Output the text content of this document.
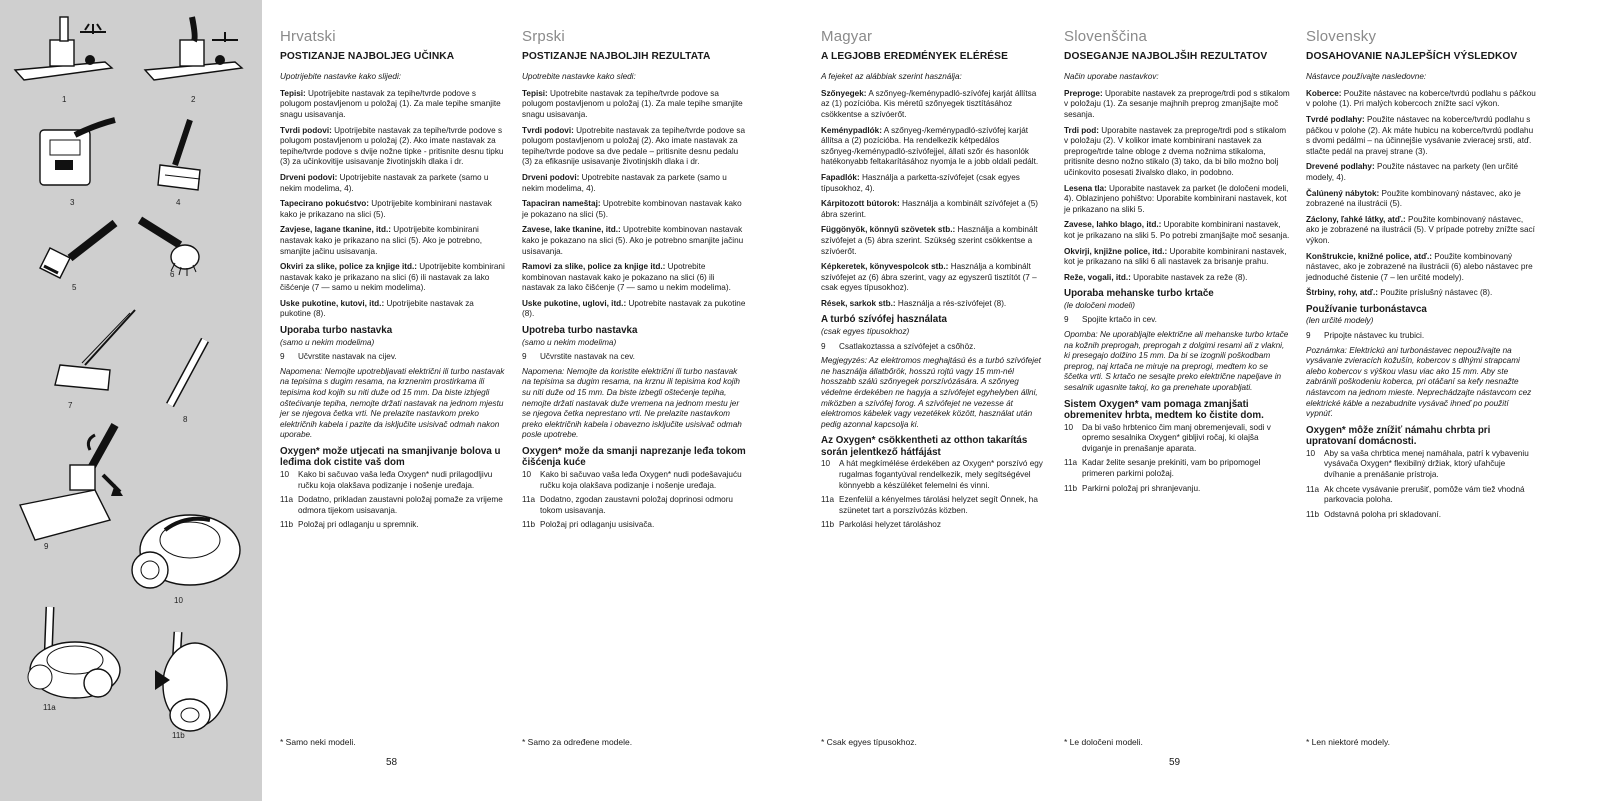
1	2
3	4
5
6
7
8
9
10
11a
11b
Hrvatski
POSTIZANJE NAJBOLJEG UČINKA
Upotrijebite nastavke kako slijedi:
Tepisi: Upotrijebite nastavak za tepihe/tvrde podove s polugom postavljenom u položaj (1). Za male tepihe smanjite snagu usisavanja.
Tvrdi podovi: Upotrijebite nastavak za tepihe/tvrde podove s polugom postavljenom u položaj (2). Ako imate nastavak za tepihe/tvrde podove s dvije nožne tipke - pritisnite desnu tipku (3) za učinkovitije usisavanje životinjskih dlaka i dr.
Drveni podovi: Upotrijebite nastavak za parkete (samo u nekim modelima, 4).
Tapecirano pokućstvo: Upotrijebite kombinirani nastavak kako je prikazano na slici (5).
Zavjese, lagane tkanine, itd.: Upotrijebite kombinirani nastavak kako je prikazano na slici (5). Ako je potrebno, smanjite jačinu usisavanja.
Okviri za slike, police za knjige itd.: Upotrijebite kombinirani nastavak kako je prikazano na slici (6) ili nastavak za lako čišćenje (7 — samo u nekim modelima).
Uske pukotine, kutovi, itd.: Upotrijebite nastavak za pukotine (8).
Uporaba turbo nastavka
(samo u nekim modelima)
9 Učvrstite nastavak na cijev.
Napomena: Nemojte upotrebljavati električni ili turbo nastavak na tepisima s dugim resama, na krznenim prostirkama ili tepisima kod kojih su niti duže od 15 mm. Da biste izbjegli oštećivanje tepiha, nemojte držati nastavak na jednom mjestu jer se njegova četka vrti. Ne prelazite nastavkom preko električnih kabela i pazite da isključite usisivač odmah nakon uporabe.
Oxygen* može utjecati na smanjivanje bolova u leđima dok cistite vaš dom
10 Kako bi sačuvao vaša leđa Oxygen* nudi prilagodljivu ručku koja olakšava podizanje i nošenje uređaja.
11a Dodatno, prikladan zaustavni položaj pomaže za vrijeme odmora tijekom usisavanja.
11b Položaj pri odlaganju u spremnik.
Srpski
POSTIZANJE NAJBOLJIH REZULTATA
Upotrebite nastavke kako sledi:
Tepisi: Upotrebite nastavak za tepihe/tvrde podove sa polugom postavljenom u položaj (1). Za male tepihe smanjite snagu usisavanja.
Tvrdi podovi: Upotrebite nastavak za tepihe/tvrde podove sa polugom postavljenom u položaj (2). Ako imate nastavak za tepihe/tvrde podove sa dve pedale – pritisnite desnu pedalu (3) za efikasnije usisavanje životinjskih dlaka i dr.
Drveni podovi: Upotrebite nastavak za parkete (samo u nekim modelima, 4).
Tapaciran nameštaj: Upotrebite kombinovan nastavak kako je pokazano na slici (5).
Zavese, lake tkanine, itd.: Upotrebite kombinovan nastavak kako je pokazano na slici (5). Ako je potrebno smanjite jačinu usisavanja.
Ramovi za slike, police za knjige itd.: Upotrebite kombinovan nastavak kako je pokazano na slici (6) ili nastavak za lako čišćenje (7 — samo u nekim modelima).
Uske pukotine, uglovi, itd.: Upotrebite nastavak za pukotine (8).
Upotreba turbo nastavka
(samo u nekim modelima)
9 Učvrstite nastavak na cev.
Napomena: Nemojte da koristite električni ili turbo nastavak na tepisima sa dugim resama, na krznu ili tepisima kod kojih su niti duže od 15 mm. Da biste izbegli oštećenje tepiha, nemojte držati nastavak duže vremena na jednom mestu jer se njegova četka neprestano vrti. Ne prelazite nastavkom preko električnih kabela i obavezno isključite usisivač odmah posle upotrebe.
Oxygen* može da smanji naprezanje leđa tokom čišćenja kuće
10 Kako bi sačuvao vaša leđa Oxygen* nudi podešavajuću ručku koja olakšava podizanje i nošenje uređaja.
11a Dodatno, zgodan zaustavni položaj doprinosi odmoru tokom usisavanja.
11b Položaj pri odlaganju usisivača.
Magyar
A LEGJOBB EREDMÉNYEK ELÉRÉSE
A fejeket az alábbiak szerint használja:
Szőnyegek: A szőnyeg-/keménypadló-szívófej karját állítsa az (1) pozícióba. Kis méretű szőnyegek tisztításához csökkentse a szívóerőt.
Keménypadlók: A szőnyeg-/keménypadló-szívófej karját állítsa a (2) pozícióba. Ha rendelkezik kétpedálos szőnyeg-/keménypadló-szívófejjel, állati szőr és hasonlók hatékonyabb feltakarításához nyomja le a jobb oldali pedált.
Fapadlók: Használja a parketta-szívófejet (csak egyes típusokhoz, 4).
Kárpitozott bútorok: Használja a kombinált szívófejet a (5) ábra szerint.
Függönyök, könnyű szövetek stb.: Használja a kombinált szívófejet a (5) ábra szerint. Szükség szerint csökkentse a szívóerőt.
Képkeretek, könyvespolcok stb.: Használja a kombinált szívófejet az (6) ábra szerint, vagy az egyszerű tisztítót (7 – csak egyes típusokhoz).
Rések, sarkok stb.: Használja a rés-szívófejet (8).
A turbó szívófej használata
(csak egyes típusokhoz)
9 Csatlakoztassa a szívófejet a csőhöz.
Megjegyzés: Az elektromos meghajtású és a turbó szívófejet ne használja állatbőrök, hosszú rojtú vagy 15 mm-nél hosszabb szálú szőnyegek porszívózására. A szőnyeg védelme érdekében ne hagyja a szívófejet egyhelyben állni, miközben a szívófej forog. A szívófejet ne vezesse át elektromos kábelek vagy vezetékek között, használat után pedig azonnal kapcsolja ki.
Az Oxygen* csökkentheti az otthon takarítás során jelentkező hátfájást
10 A hát megkímélése érdekében az Oxygen* porszívó egy rugalmas fogantyúval rendelkezik, mely segítségével könnyebb a készüléket felemelni és vinni.
11a Ezenfelül a kényelmes tárolási helyzet segít Önnek, ha szünetet tart a porszívózás közben.
11b Parkolási helyzet tároláshoz
Slovenščina
DOSEGANJE NAJBOLJŠIH REZULTATOV
Način uporabe nastavkov:
Preproge: Uporabite nastavek za preproge/trdi pod s stikalom v položaju (1). Za sesanje majhnih preprog zmanjšajte moč sesanja.
Trdi pod: Uporabite nastavek za preproge/trdi pod s stikalom v položaju (2). V kolikor imate kombinirani nastavek za preproge/trde talne obloge z dvema nožnima stikaloma, pritisnite desno nožno stikalo (3) tako, da bi bilo možno bolj učinkovito posesati živalsko dlako, in podobno.
Lesena tla: Uporabite nastavek za parket (le določeni modeli, 4). Oblazinjeno pohištvo: Uporabite kombinirani nastavek, kot je prikazano na sliki 5.
Zavese, lahko blago, itd.: Uporabite kombinirani nastavek, kot je prikazano na sliki 5. Po potrebi zmanjšajte moč sesanja.
Okvirji, knjižne police, itd.: Uporabite kombinirani nastavek, kot je prikazano na sliki 6 ali nastavek za brisanje prahu.
Reže, vogali, itd.: Uporabite nastavek za reže (8).
Uporaba mehanske turbo krtače
(le določeni modeli)
9 Spojite krtačo in cev.
Opomba: Ne uporabljajte električne ali mehanske turbo krtače na kožnih preprogah, preprogah z dolgimi resami ali z vlakni, ki presegajo dolžino 15 mm. Da bi se izognili poškodbam preprog, naj krtača ne miruje na preprogi, medtem ko se ščetka vrti. S krtačo ne sesajte preko električne napeljave in sesalnik ugasnite takoj, ko ga prenehate uporabljati.
Sistem Oxygen* vam pomaga zmanjšati obremenitev hrbta, medtem ko čistite dom.
10 Da bi vašo hrbtenico čim manj obremenjevali, sodi v opremo sesalnika Oxygen* gibljivi ročaj, ki olajša dviganje in prenašanje aparata.
11a Kadar želite sesanje prekiniti, vam bo pripomogel primeren parkirni položaj.
11b Parkirni položaj pri shranjevanju.
Slovensky
DOSAHOVANIE NAJLEPŠÍCH VÝSLEDKOV
Nástavce používajte nasledovne:
Koberce: Použite nástavec na koberce/tvrdú podlahu s páčkou v polohe (1). Pri malých kobercoch znížte sací výkon.
Tvrdé podlahy: Použite nástavec na koberce/tvrdú podlahu s páčkou v polohe (2). Ak máte hubicu na koberce/tvrdú podlahu s dvomi pedálmi – na účinnejšie vysávanie zvieracej srsti, atď. stlačte pedál na pravej strane (3).
Drevené podlahy: Použite nástavec na parkety (len určité modely, 4).
Čalúnený nábytok: Použite kombinovaný nástavec, ako je zobrazené na ilustrácii (5).
Záclony, ľahké látky, atď.: Použite kombinovaný nástavec, ako je zobrazené na ilustrácii (5). V prípade potreby znížte sací výkon.
Konštrukcie, knižné police, atď.: Použite kombinovaný nástavec, ako je zobrazené na ilustrácii (6) alebo nástavec pre jednoduché čistenie (7 – len určité modely).
Štrbiny, rohy, atď.: Použite príslušný nástavec (8).
Používanie turbonástavca
(len určité modely)
9 Pripojte nástavec ku trubici.
Poznámka: Elektrickú ani turbonástavec nepoužívajte na vysávanie zvieracích kožušín, kobercov s dlhými strapcami alebo kobercov s výškou vlasu viac ako 15 mm. Aby ste zabránili poškodeniu koberca, pri otáčaní sa kefy nesnažte nástavcom na jednom mieste. Neprechádzajte nástavcom cez elektrické káble a nezabudnite vysávač ihneď po použití vypnúť.
Oxygen* môže znížiť námahu chrbta pri upratovaní domácnosti.
10 Aby sa vaša chrbtica menej namáhala, patrí k vybaveniu vysávača Oxygen* flexibilný držiak, ktorý uľahčuje dvíhanie a prenášanie prístroja.
11a Ak chcete vysávanie prerušiť, pomôže vám tiež vhodná parkovacia poloha.
11b Odstavná poloha pri skladovaní.
* Samo neki modeli.	* Samo za određene modele.	* Csak egyes típusokhoz.	* Le določeni modeli.	* Len niektoré modely.
58	59
